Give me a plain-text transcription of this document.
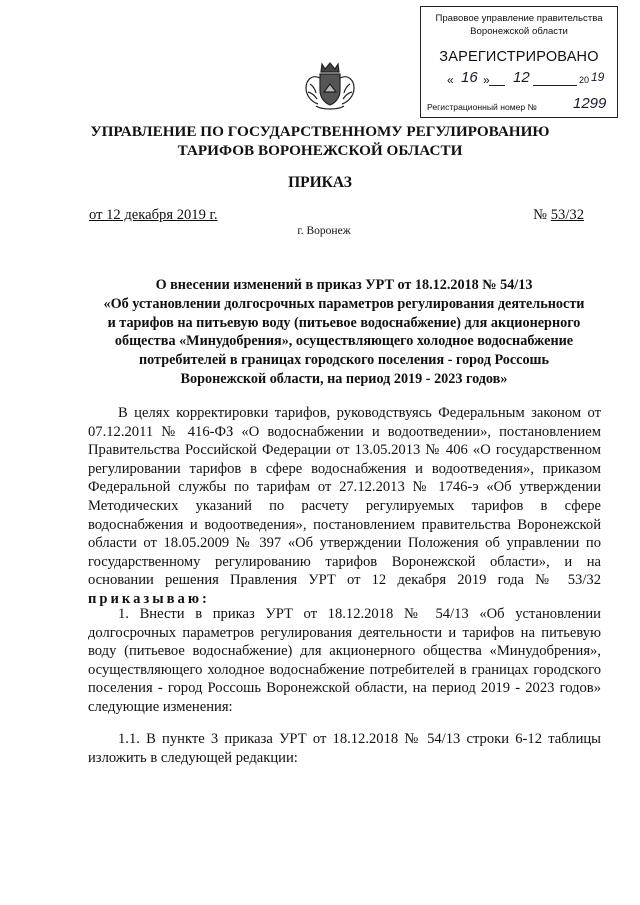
Правовое управление правительства
Воронежской области
ЗАРЕГИСТРИРОВАНО
« 16 » 12	20 19
Регистрационный номер № 1299
УПРАВЛЕНИЕ ПО ГОСУДАРСТВЕННОМУ РЕГУЛИРОВАНИЮ
ТАРИФОВ ВОРОНЕЖСКОЙ ОБЛАСТИ
ПРИКАЗ
от 12 декабря 2019 г.	№ 53/32
г. Воронеж
О внесении изменений в приказ УРТ от 18.12.2018 № 54/13
«Об установлении долгосрочных параметров регулирования деятельности
и тарифов на питьевую воду (питьевое водоснабжение) для акционерного
общества «Минудобрения», осуществляющего холодное водоснабжение
потребителей в границах городского поселения - город Россошь
Воронежской области, на период 2019 - 2023 годов»

В целях корректировки тарифов, руководствуясь Федеральным законом от 07.12.2011 № 416-ФЗ «О водоснабжении и водоотведении», постановлением Правительства Российской Федерации от 13.05.2013 № 406 «О государственном регулировании тарифов в сфере водоснабжения и водоотведения», приказом Федеральной службы по тарифам от 27.12.2013 № 1746-э «Об утверждении Методических указаний по расчету регулируемых тарифов в сфере водоснабжения и водоотведения», постановлением правительства Воронежской области от 18.05.2009 № 397 «Об утверждении Положения об управлении по государственному регулированию тарифов Воронежской области», и на основании решения Правления УРТ от 12 декабря 2019 года № 53/32 приказываю:

1. Внести в приказ УРТ от 18.12.2018 № 54/13 «Об установлении долгосрочных параметров регулирования деятельности и тарифов на питьевую воду (питьевое водоснабжение) для акционерного общества «Минудобрения», осуществляющего холодное водоснабжение потребителей в границах городского поселения - город Россошь Воронежской области, на период 2019 - 2023 годов» следующие изменения:

1.1. В пункте 3 приказа УРТ от 18.12.2018 № 54/13 строки 6-12 таблицы изложить в следующей редакции:
